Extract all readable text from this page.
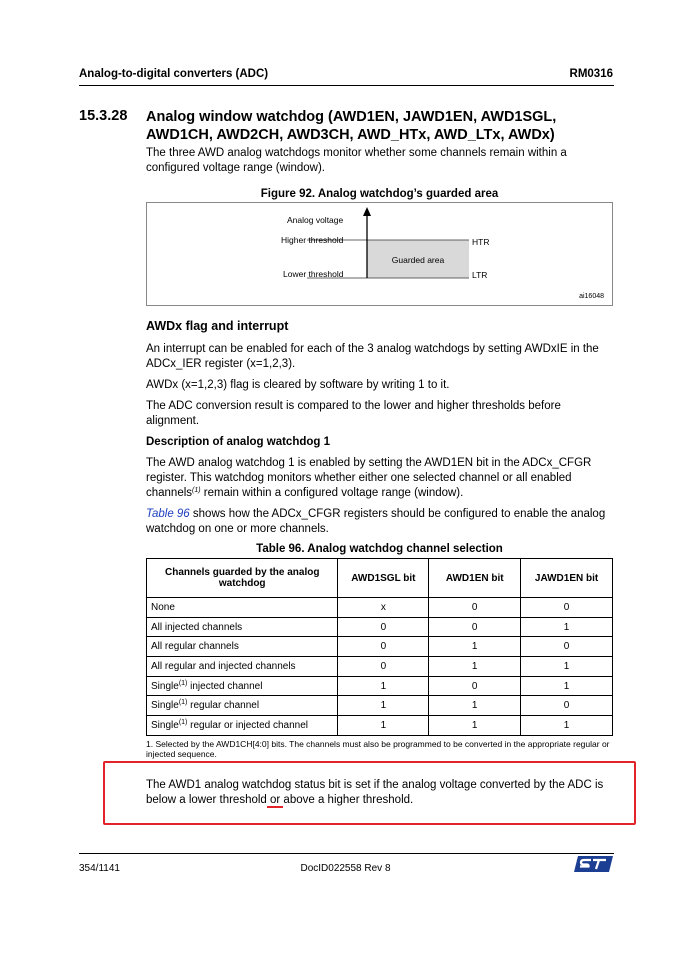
Analog-to-digital converters (ADC)	RM0316
15.3.28 Analog window watchdog (AWD1EN, JAWD1EN, AWD1SGL, AWD1CH, AWD2CH, AWD3CH, AWD_HTx, AWD_LTx, AWDx)
The three AWD analog watchdogs monitor whether some channels remain within a configured voltage range (window).
Figure 92. Analog watchdog’s guarded area
Analog voltage
Higher threshold
Lower threshold
Guarded area
HTR
LTR
ai16048
AWDx flag and interrupt
An interrupt can be enabled for each of the 3 analog watchdogs by setting AWDxIE in the ADCx_IER register (x=1,2,3).
AWDx (x=1,2,3) flag is cleared by software by writing 1 to it.
The ADC conversion result is compared to the lower and higher thresholds before alignment.
Description of analog watchdog 1
The AWD analog watchdog 1 is enabled by setting the AWD1EN bit in the ADCx_CFGR register. This watchdog monitors whether either one selected channel or all enabled channels$^{(1)}$ remain within a configured voltage range (window).
Table 96 shows how the ADCx_CFGR registers should be configured to enable the analog watchdog on one or more channels.
Table 96. Analog watchdog channel selection
Channels guarded by the analog watchdog	AWD1SGL bit	AWD1EN bit	JAWD1EN bit
None	x	0	0
All injected channels	0	0	1
All regular channels	0	1	0
All regular and injected channels	0	1	1
Single$^{(1)}$ injected channel	1	0	1
Single$^{(1)}$ regular channel	1	1	0
Single$^{(1)}$ regular or injected channel	1	1	1
1. Selected by the AWD1CH[4:0] bits. The channels must also be programmed to be converted in the appropriate regular or injected sequence.
The AWD1 analog watchdog status bit is set if the analog voltage converted by the ADC is below a lower threshold or above a higher threshold.
354/1141	DocID022558 Rev 8
